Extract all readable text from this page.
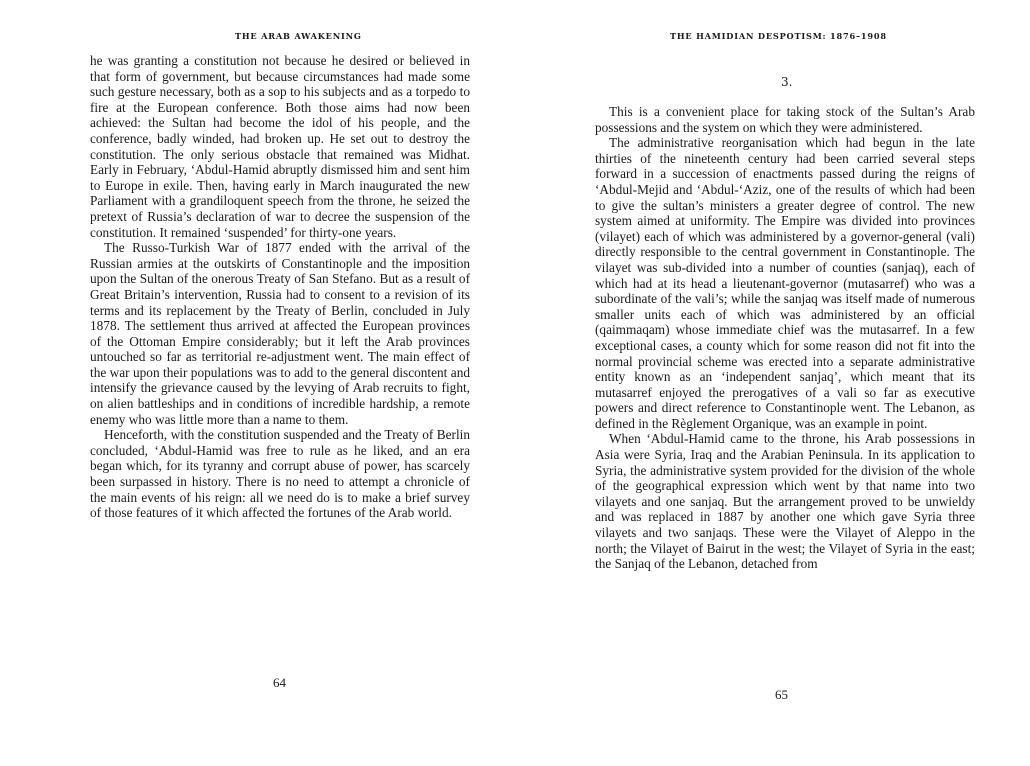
THE ARAB AWAKENING

he was granting a constitution not because he desired or believed in that form of government, but because circumstances had made some such gesture necessary, both as a sop to his subjects and as a torpedo to fire at the European conference. Both those aims had now been achieved: the Sultan had become the idol of his people, and the conference, badly winded, had broken up. He set out to destroy the constitution. The only serious obstacle that remained was Midhat. Early in February, ‘Abdul-Hamid abruptly dismissed him and sent him to Europe in exile. Then, having early in March inaugurated the new Parliament with a grandiloquent speech from the throne, he seized the pretext of Russia’s declaration of war to decree the suspension of the constitution. It remained ‘suspended’ for thirty-one years.

The Russo-Turkish War of 1877 ended with the arrival of the Russian armies at the outskirts of Constantinople and the imposition upon the Sultan of the onerous Treaty of San Stefano. But as a result of Great Britain’s intervention, Russia had to consent to a revision of its terms and its replacement by the Treaty of Berlin, concluded in July 1878. The settlement thus arrived at affected the European provinces of the Ottoman Empire considerably; but it left the Arab provinces untouched so far as territorial re-adjustment went. The main effect of the war upon their populations was to add to the general discontent and intensify the grievance caused by the levying of Arab recruits to fight, on alien battleships and in conditions of incredible hardship, a remote enemy who was little more than a name to them.

Henceforth, with the constitution suspended and the Treaty of Berlin concluded, ‘Abdul-Hamid was free to rule as he liked, and an era began which, for its tyranny and corrupt abuse of power, has scarcely been surpassed in history. There is no need to attempt a chronicle of the main events of his reign: all we need do is to make a brief survey of those features of it which affected the fortunes of the Arab world.

64
THE HAMIDIAN DESPOTISM: 1876–1908
3.

This is a convenient place for taking stock of the Sultan’s Arab possessions and the system on which they were administered.

The administrative reorganisation which had begun in the late thirties of the nineteenth century had been carried several steps forward in a succession of enactments passed during the reigns of ‘Abdul-Mejid and ‘Abdul-‘Aziz, one of the results of which had been to give the sultan’s ministers a greater degree of control. The new system aimed at uniformity. The Empire was divided into provinces (vilayet) each of which was administered by a governor-general (vali) directly responsible to the central government in Constantinople. The vilayet was sub-divided into a number of counties (sanjaq), each of which had at its head a lieutenant-governor (mutasarref) who was a subordinate of the vali’s; while the sanjaq was itself made of numerous smaller units each of which was administered by an official (qaimmaqam) whose immediate chief was the mutasarref. In a few exceptional cases, a county which for some reason did not fit into the normal provincial scheme was erected into a separate administrative entity known as an ‘independent sanjaq’, which meant that its mutasarref enjoyed the prerogatives of a vali so far as executive powers and direct reference to Constantinople went. The Lebanon, as defined in the Règlement Organique, was an example in point.

When ‘Abdul-Hamid came to the throne, his Arab possessions in Asia were Syria, Iraq and the Arabian Peninsula. In its application to Syria, the administrative system provided for the division of the whole of the geographical expression which went by that name into two vilayets and one sanjaq. But the arrangement proved to be unwieldy and was replaced in 1887 by another one which gave Syria three vilayets and two sanjaqs. These were the Vilayet of Aleppo in the north; the Vilayet of Bairut in the west; the Vilayet of Syria in the east; the Sanjaq of the Lebanon, detached from

65
